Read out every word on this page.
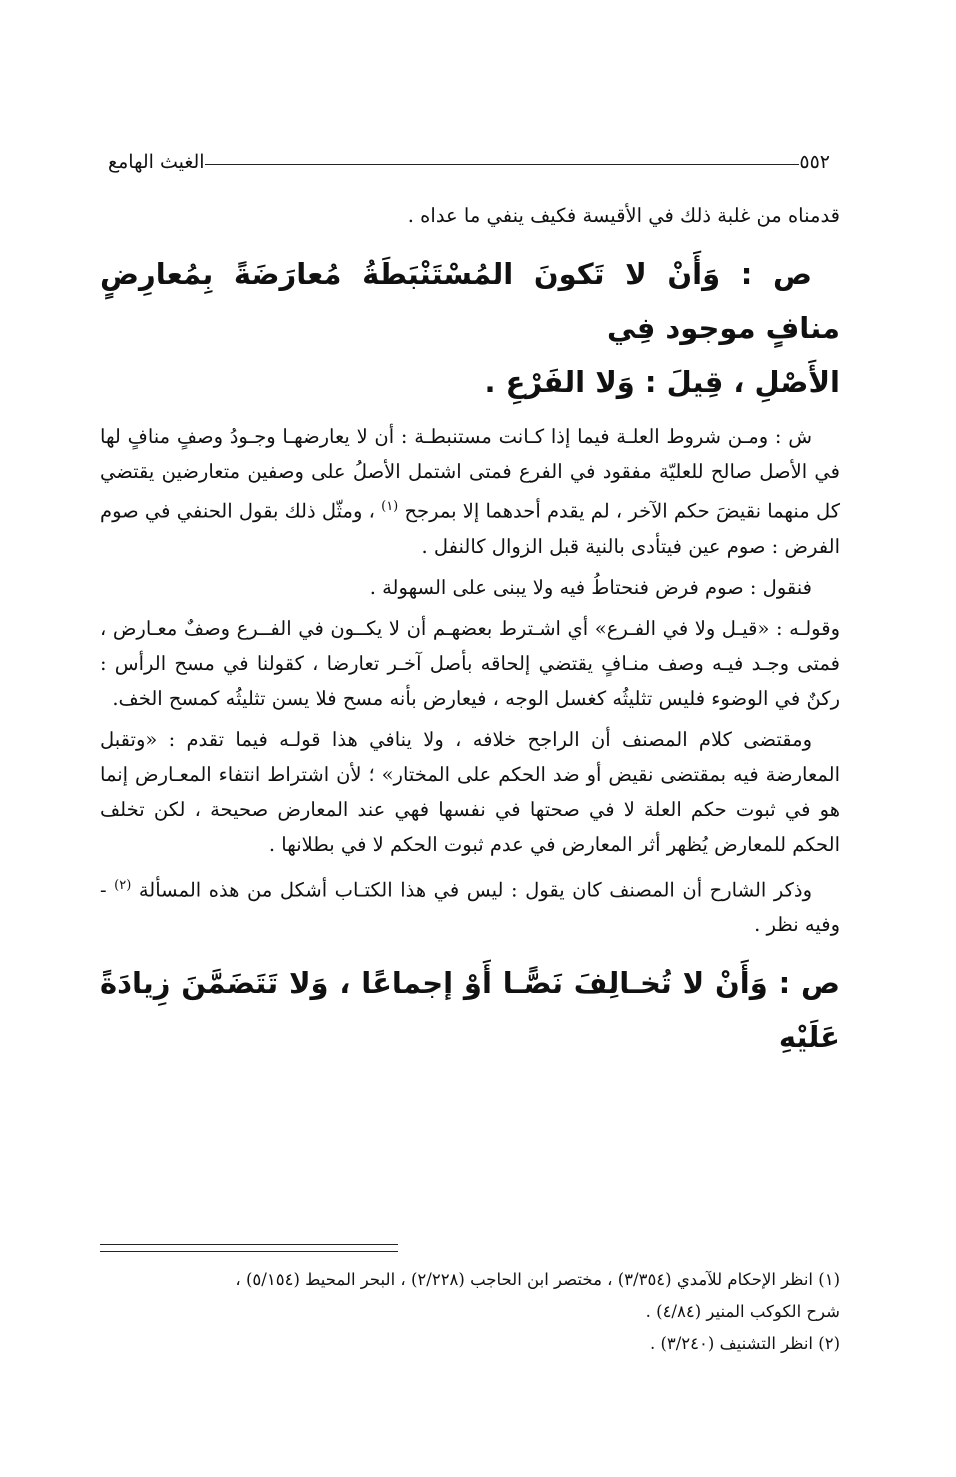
٥٥٢
الغيث الهامع

قدمناه من غلبة ذلك في الأقيسة فكيف ينفي ما عداه .

ص : وَأَنْ لا تَكونَ المُسْتَنْبَطَةُ مُعارَضَةً بِمُعارِضٍ منافٍ موجود فِي

الأَصْلِ ، قِيلَ : وَلا الفَرْعِ .

ش : ومـن شروط العلـة فيما إذا كـانت مستنبطـة : أن لا يعارضهـا وجـودُ وصفٍ منافٍ لها في الأصل صالح للعليّة مفقود في الفرع فمتى اشتمل الأصلُ على وصفين متعارضين يقتضي كل منهما نقيضَ حكم الآخر ، لم يقدم أحدهما إلا بمرجح $^{(١)}$ ، ومثّل ذلك بقول الحنفي في صوم الفرض : صوم عين فيتأدى بالنية قبل الزوال كالنفل .

فنقول : صوم فرض فنحتاطُ فيه ولا يبنى على السهولة .

وقولـه : «قيـل ولا في الفـرع» أي اشـترط بعضهـم أن لا يكــون في الفــرع وصفٌ معـارض ، فمتى وجـد فيـه وصف منـافٍ يقتضي إلحاقه بأصل آخـر تعارضا ، كقولنا في مسح الرأس : ركنٌ في الوضوء فليس تثليثُه كغسل الوجه ، فيعارض بأنه مسح فلا يسن تثليثُه كمسح الخف.

ومقتضى كلام المصنف أن الراجح خلافه ، ولا ينافي هذا قولـه فيما تقدم : «وتقبل المعارضة فيه بمقتضى نقيض أو ضد الحكم على المختار» ؛ لأن اشتراط انتفاء المعـارض إنما هو في ثبوت حكم العلة لا في صحتها في نفسها فهي عند المعارض صحيحة ، لكن تخلف الحكم للمعارض يُظهر أثر المعارض في عدم ثبوت الحكم لا في بطلانها .

وذكر الشارح أن المصنف كان يقول : ليس في هذا الكتـاب أشكل من هذه المسألة $^{(٢)}$ - وفيه نظر .

ص : وَأَنْ لا تُخـالِفَ نَصًّـا أَوْ إجماعًا ، وَلا تَتَضَمَّنَ زِيادَةً عَلَيْهِ

(١) انظر الإحكام للآمدي (٣/٣٥٤) ، مختصر ابن الحاجب (٢/٢٢٨) ، البحر المحيط (٥/١٥٤) ،

شرح الكوكب المنير (٤/٨٤) .

(٢) انظر التشنيف (٣/٢٤٠) .
